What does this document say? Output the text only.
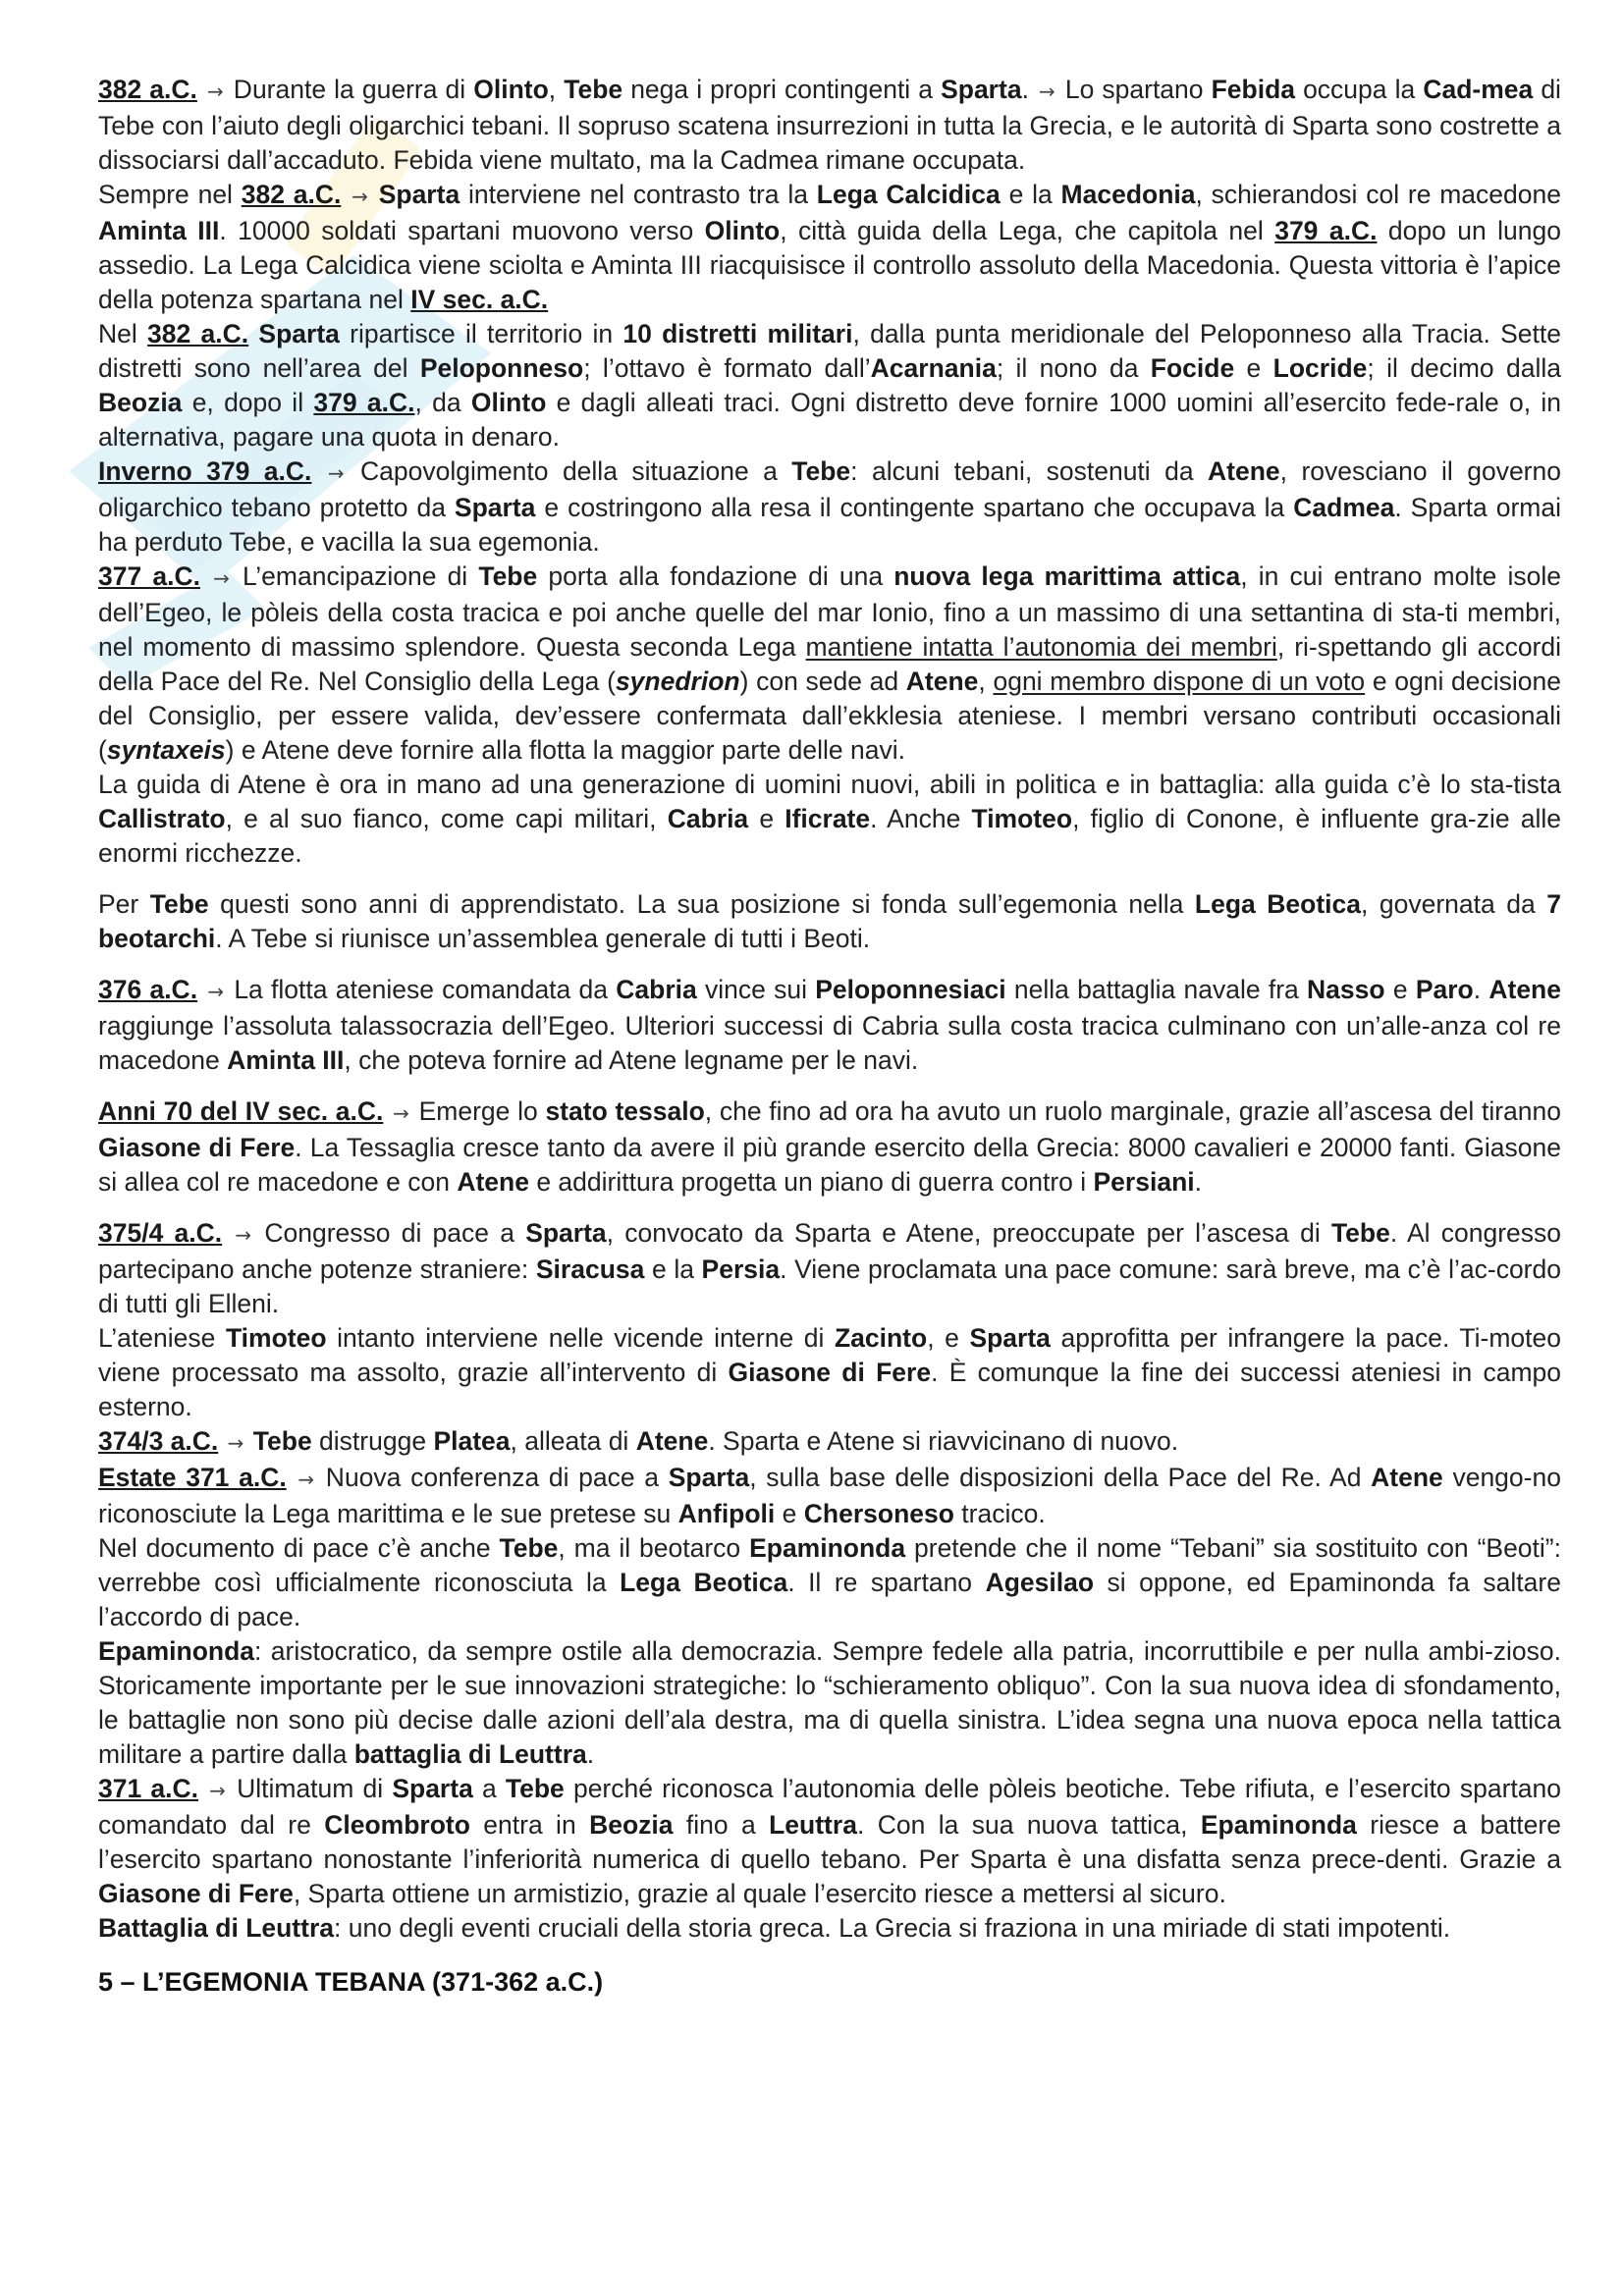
382 a.C. → Durante la guerra di Olinto, Tebe nega i propri contingenti a Sparta. → Lo spartano Febida occupa la Cad-mea di Tebe con l’aiuto degli oligarchici tebani. Il sopruso scatena insurrezioni in tutta la Grecia, e le autorità di Sparta sono costrette a dissociarsi dall’accaduto. Febida viene multato, ma la Cadmea rimane occupata.

Sempre nel 382 a.C. → Sparta interviene nel contrasto tra la Lega Calcidica e la Macedonia, schierandosi col re macedone Aminta III. 10000 soldati spartani muovono verso Olinto, città guida della Lega, che capitola nel 379 a.C. dopo un lungo assedio. La Lega Calcidica viene sciolta e Aminta III riacquisisce il controllo assoluto della Macedonia. Questa vittoria è l’apice della potenza spartana nel IV sec. a.C.

Nel 382 a.C. Sparta ripartisce il territorio in 10 distretti militari, dalla punta meridionale del Peloponneso alla Tracia. Sette distretti sono nell’area del Peloponneso; l’ottavo è formato dall’Acarnania; il nono da Focide e Locride; il decimo dalla Beozia e, dopo il 379 a.C., da Olinto e dagli alleati traci. Ogni distretto deve fornire 1000 uomini all’esercito fede-rale o, in alternativa, pagare una quota in denaro.

Inverno 379 a.C. → Capovolgimento della situazione a Tebe: alcuni tebani, sostenuti da Atene, rovesciano il governo oligarchico tebano protetto da Sparta e costringono alla resa il contingente spartano che occupava la Cadmea. Sparta ormai ha perduto Tebe, e vacilla la sua egemonia.

377 a.C. → L’emancipazione di Tebe porta alla fondazione di una nuova lega marittima attica, in cui entrano molte isole dell’Egeo, le pòleis della costa tracica e poi anche quelle del mar Ionio, fino a un massimo di una settantina di sta-ti membri, nel momento di massimo splendore. Questa seconda Lega mantiene intatta l’autonomia dei membri, ri-spettando gli accordi della Pace del Re. Nel Consiglio della Lega (synedrion) con sede ad Atene, ogni membro dispone di un voto e ogni decisione del Consiglio, per essere valida, dev’essere confermata dall’ekklesia ateniese. I membri versano contributi occasionali (syntaxeis) e Atene deve fornire alla flotta la maggior parte delle navi.

La guida di Atene è ora in mano ad una generazione di uomini nuovi, abili in politica e in battaglia: alla guida c’è lo sta-tista Callistrato, e al suo fianco, come capi militari, Cabria e Ificrate. Anche Timoteo, figlio di Conone, è influente gra-zie alle enormi ricchezze.

Per Tebe questi sono anni di apprendistato. La sua posizione si fonda sull’egemonia nella Lega Beotica, governata da 7 beotarchi. A Tebe si riunisce un’assemblea generale di tutti i Beoti.

376 a.C. → La flotta ateniese comandata da Cabria vince sui Peloponnesiaci nella battaglia navale fra Nasso e Paro. Atene raggiunge l’assoluta talassocrazia dell’Egeo. Ulteriori successi di Cabria sulla costa tracica culminano con un’alle-anza col re macedone Aminta III, che poteva fornire ad Atene legname per le navi.

Anni 70 del IV sec. a.C. → Emerge lo stato tessalo, che fino ad ora ha avuto un ruolo marginale, grazie all’ascesa del tiranno Giasone di Fere. La Tessaglia cresce tanto da avere il più grande esercito della Grecia: 8000 cavalieri e 20000 fanti. Giasone si allea col re macedone e con Atene e addirittura progetta un piano di guerra contro i Persiani.

375/4 a.C. → Congresso di pace a Sparta, convocato da Sparta e Atene, preoccupate per l’ascesa di Tebe. Al congresso partecipano anche potenze straniere: Siracusa e la Persia. Viene proclamata una pace comune: sarà breve, ma c’è l’ac-cordo di tutti gli Elleni.

L’ateniese Timoteo intanto interviene nelle vicende interne di Zacinto, e Sparta approfitta per infrangere la pace. Ti-moteo viene processato ma assolto, grazie all’intervento di Giasone di Fere. È comunque la fine dei successi ateniesi in campo esterno.

374/3 a.C. → Tebe distrugge Platea, alleata di Atene. Sparta e Atene si riavvicinano di nuovo.

Estate 371 a.C. → Nuova conferenza di pace a Sparta, sulla base delle disposizioni della Pace del Re. Ad Atene vengo-no riconosciute la Lega marittima e le sue pretese su Anfipoli e Chersoneso tracico.

Nel documento di pace c’è anche Tebe, ma il beotarco Epaminonda pretende che il nome “Tebani” sia sostituito con “Beoti”: verrebbe così ufficialmente riconosciuta la Lega Beotica. Il re spartano Agesilao si oppone, ed Epaminonda fa saltare l’accordo di pace.

Epaminonda: aristocratico, da sempre ostile alla democrazia. Sempre fedele alla patria, incorruttibile e per nulla ambi-zioso. Storicamente importante per le sue innovazioni strategiche: lo “schieramento obliquo”. Con la sua nuova idea di sfondamento, le battaglie non sono più decise dalle azioni dell’ala destra, ma di quella sinistra. L’idea segna una nuova epoca nella tattica militare a partire dalla battaglia di Leuttra.

371 a.C. → Ultimatum di Sparta a Tebe perché riconosca l’autonomia delle pòleis beotiche. Tebe rifiuta, e l’esercito spartano comandato dal re Cleombroto entra in Beozia fino a Leuttra. Con la sua nuova tattica, Epaminonda riesce a battere l’esercito spartano nonostante l’inferiorità numerica di quello tebano. Per Sparta è una disfatta senza prece-denti. Grazie a Giasone di Fere, Sparta ottiene un armistizio, grazie al quale l’esercito riesce a mettersi al sicuro.

Battaglia di Leuttra: uno degli eventi cruciali della storia greca. La Grecia si fraziona in una miriade di stati impotenti.

5 – L’EGEMONIA TEBANA (371-362 a.C.)
